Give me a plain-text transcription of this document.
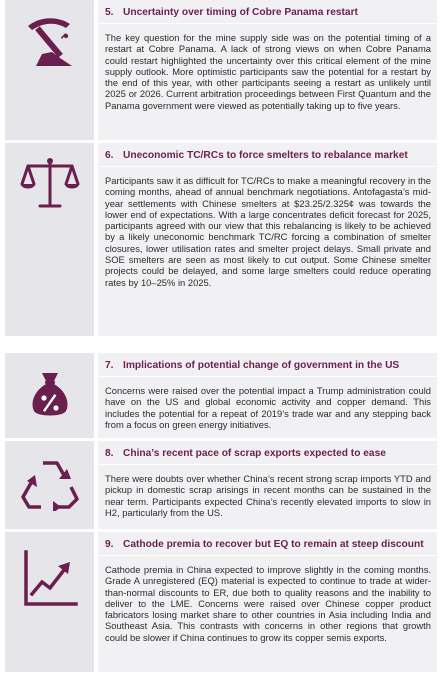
5. Uncertainty over timing of Cobre Panama restart

The key question for the mine supply side was on the potential timing of a restart at Cobre Panama. A lack of strong views on when Cobre Panama could restart highlighted the uncertainty over this critical element of the mine supply outlook. More optimistic participants saw the potential for a restart by the end of this year, with other participants seeing a restart as unlikely until 2025 or 2026. Current arbitration proceedings between First Quantum and the Panama government were viewed as potentially taking up to five years.

6. Uneconomic TC/RCs to force smelters to rebalance market

Participants saw it as difficult for TC/RCs to make a meaningful recovery in the coming months, ahead of annual benchmark negotiations. Antofagasta’s mid-year settlements with Chinese smelters at $23.25/2.325¢ was towards the lower end of expectations. With a large concentrates deficit forecast for 2025, participants agreed with our view that this rebalancing is likely to be achieved by a likely uneconomic benchmark TC/RC forcing a combination of smelter closures, lower utilisation rates and smelter project delays. Small private and SOE smelters are seen as most likely to cut output. Some Chinese smelter projects could be delayed, and some large smelters could reduce operating rates by 10–25% in 2025.

7. Implications of potential change of government in the US

Concerns were raised over the potential impact a Trump administration could have on the US and global economic activity and copper demand. This includes the potential for a repeat of 2019’s trade war and any stepping back from a focus on green energy initiatives.

8. China’s recent pace of scrap exports expected to ease

There were doubts over whether China’s recent strong scrap imports YTD and pickup in domestic scrap arisings in recent months can be sustained in the near term. Participants expected China’s recently elevated imports to slow in H2, particularly from the US.

9. Cathode premia to recover but EQ to remain at steep discount

Cathode premia in China expected to improve slightly in the coming months. Grade A unregistered (EQ) material is expected to continue to trade at wider-than-normal discounts to ER, due both to quality reasons and the inability to deliver to the LME. Concerns were raised over Chinese copper product fabricators losing market share to other countries in Asia including India and Southeast Asia. This contrasts with concerns in other regions that growth could be slower if China continues to grow its copper semis exports.
